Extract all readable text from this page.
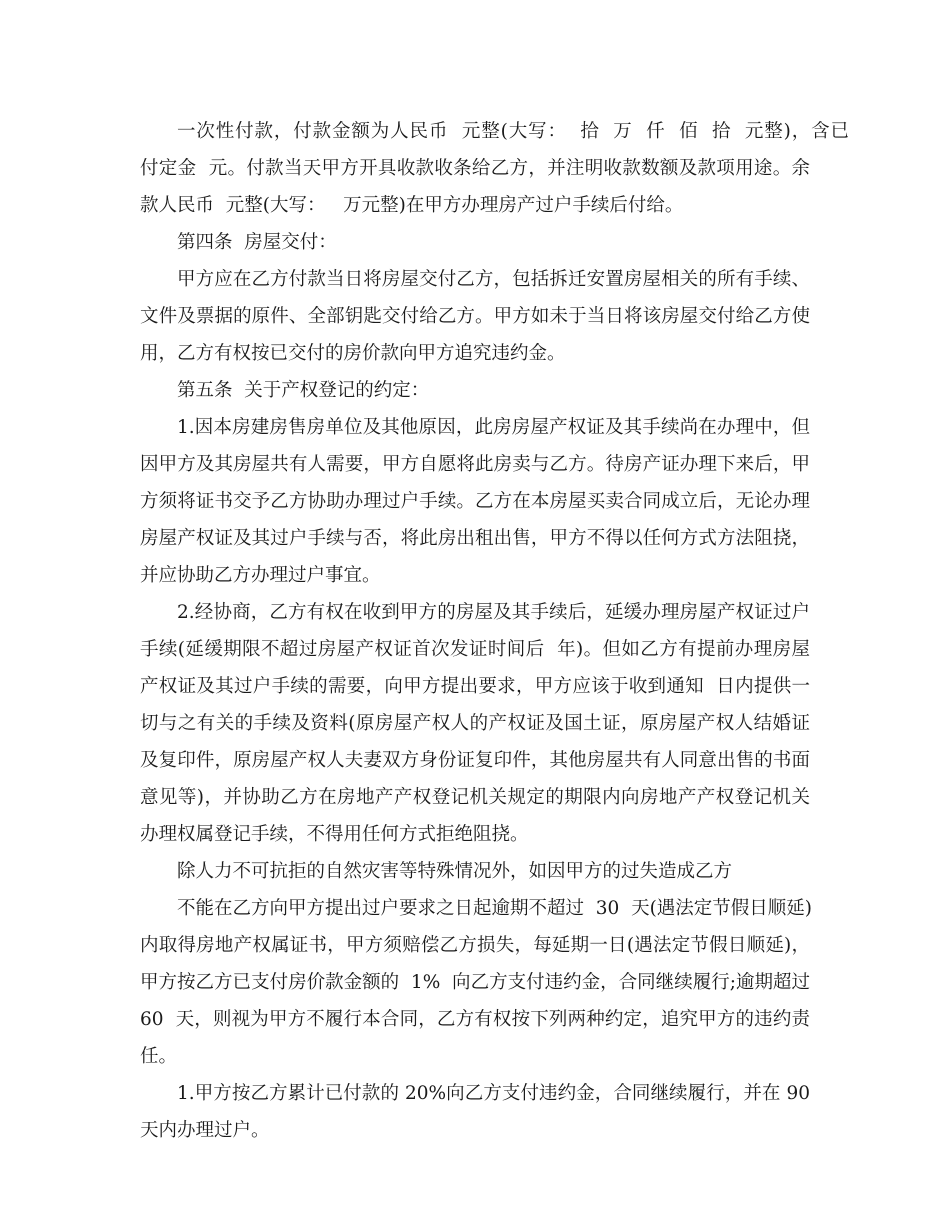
一次性付款，付款金额为人民币  元整(大写：  拾  万  仟  佰  拾  元整)，含已
付定金  元。付款当天甲方开具收款收条给乙方，并注明收款数额及款项用途。余
款人民币  元整(大写：   万元整)在甲方办理房产过户手续后付给。
第四条  房屋交付：
甲方应在乙方付款当日将房屋交付乙方，包括拆迁安置房屋相关的所有手续、
文件及票据的原件、全部钥匙交付给乙方。甲方如未于当日将该房屋交付给乙方使
用，乙方有权按已交付的房价款向甲方追究违约金。
第五条  关于产权登记的约定：
1.因本房建房售房单位及其他原因，此房房屋产权证及其手续尚在办理中，但
因甲方及其房屋共有人需要，甲方自愿将此房卖与乙方。待房产证办理下来后，甲
方须将证书交予乙方协助办理过户手续。乙方在本房屋买卖合同成立后，无论办理
房屋产权证及其过户手续与否，将此房出租出售，甲方不得以任何方式方法阻挠，
并应协助乙方办理过户事宜。
2.经协商，乙方有权在收到甲方的房屋及其手续后，延缓办理房屋产权证过户
手续(延缓期限不超过房屋产权证首次发证时间后  年)。但如乙方有提前办理房屋
产权证及其过户手续的需要，向甲方提出要求，甲方应该于收到通知  日内提供一
切与之有关的手续及资料(原房屋产权人的产权证及国土证，原房屋产权人结婚证
及复印件，原房屋产权人夫妻双方身份证复印件，其他房屋共有人同意出售的书面
意见等)，并协助乙方在房地产产权登记机关规定的期限内向房地产产权登记机关
办理权属登记手续，不得用任何方式拒绝阻挠。
除人力不可抗拒的自然灾害等特殊情况外，如因甲方的过失造成乙方
不能在乙方向甲方提出过户要求之日起逾期不超过  30  天(遇法定节假日顺延)
内取得房地产权属证书，甲方须赔偿乙方损失，每延期一日(遇法定节假日顺延)，
甲方按乙方已支付房价款金额的  1%  向乙方支付违约金，合同继续履行;逾期超过
60  天，则视为甲方不履行本合同，乙方有权按下列两种约定，追究甲方的违约责
任。
1.甲方按乙方累计已付款的 20%向乙方支付违约金，合同继续履行，并在 90
天内办理过户。
